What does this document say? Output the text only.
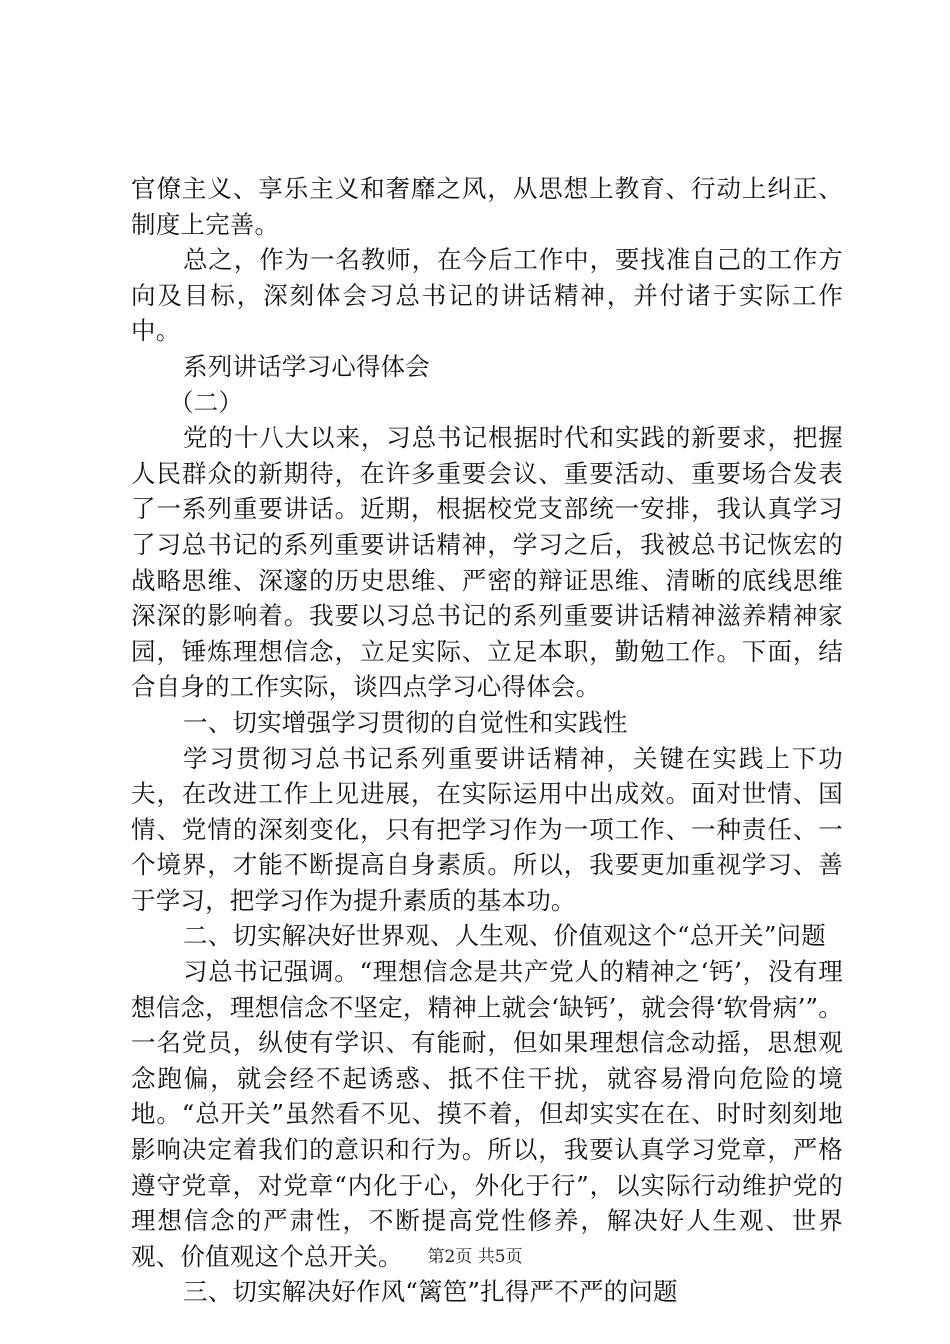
官僚主义、享乐主义和奢靡之风，从思想上教育、行动上纠正、制度上完善。

总之，作为一名教师，在今后工作中，要找准自己的工作方向及目标，深刻体会习总书记的讲话精神，并付诸于实际工作中。

系列讲话学习心得体会

（二）

党的十八大以来，习总书记根据时代和实践的新要求，把握人民群众的新期待，在许多重要会议、重要活动、重要场合发表了一系列重要讲话。近期，根据校党支部统一安排，我认真学习了习总书记的系列重要讲话精神，学习之后，我被总书记恢宏的战略思维、深邃的历史思维、严密的辩证思维、清晰的底线思维深深的影响着。我要以习总书记的系列重要讲话精神滋养精神家园，锤炼理想信念，立足实际、立足本职，勤勉工作。下面，结合自身的工作实际，谈四点学习心得体会。

一、切实增强学习贯彻的自觉性和实践性

学习贯彻习总书记系列重要讲话精神，关键在实践上下功夫，在改进工作上见进展，在实际运用中出成效。面对世情、国情、党情的深刻变化，只有把学习作为一项工作、一种责任、一个境界，才能不断提高自身素质。所以，我要更加重视学习、善于学习，把学习作为提升素质的基本功。

二、切实解决好世界观、人生观、价值观这个“总开关”问题

习总书记强调。“理想信念是共产党人的精神之‘钙’，没有理想信念，理想信念不坚定，精神上就会‘缺钙’，就会得‘软骨病’”。一名党员，纵使有学识、有能耐，但如果理想信念动摇，思想观念跑偏，就会经不起诱惑、抵不住干扰，就容易滑向危险的境地。“总开关”虽然看不见、摸不着，但却实实在在、时时刻刻地影响决定着我们的意识和行为。所以，我要认真学习党章，严格遵守党章，对党章“内化于心，外化于行”，以实际行动维护党的理想信念的严肃性，不断提高党性修养，解决好人生观、世界观、价值观这个总开关。

三、切实解决好作风“篱笆”扎得严不严的问题

第2页 共5页
